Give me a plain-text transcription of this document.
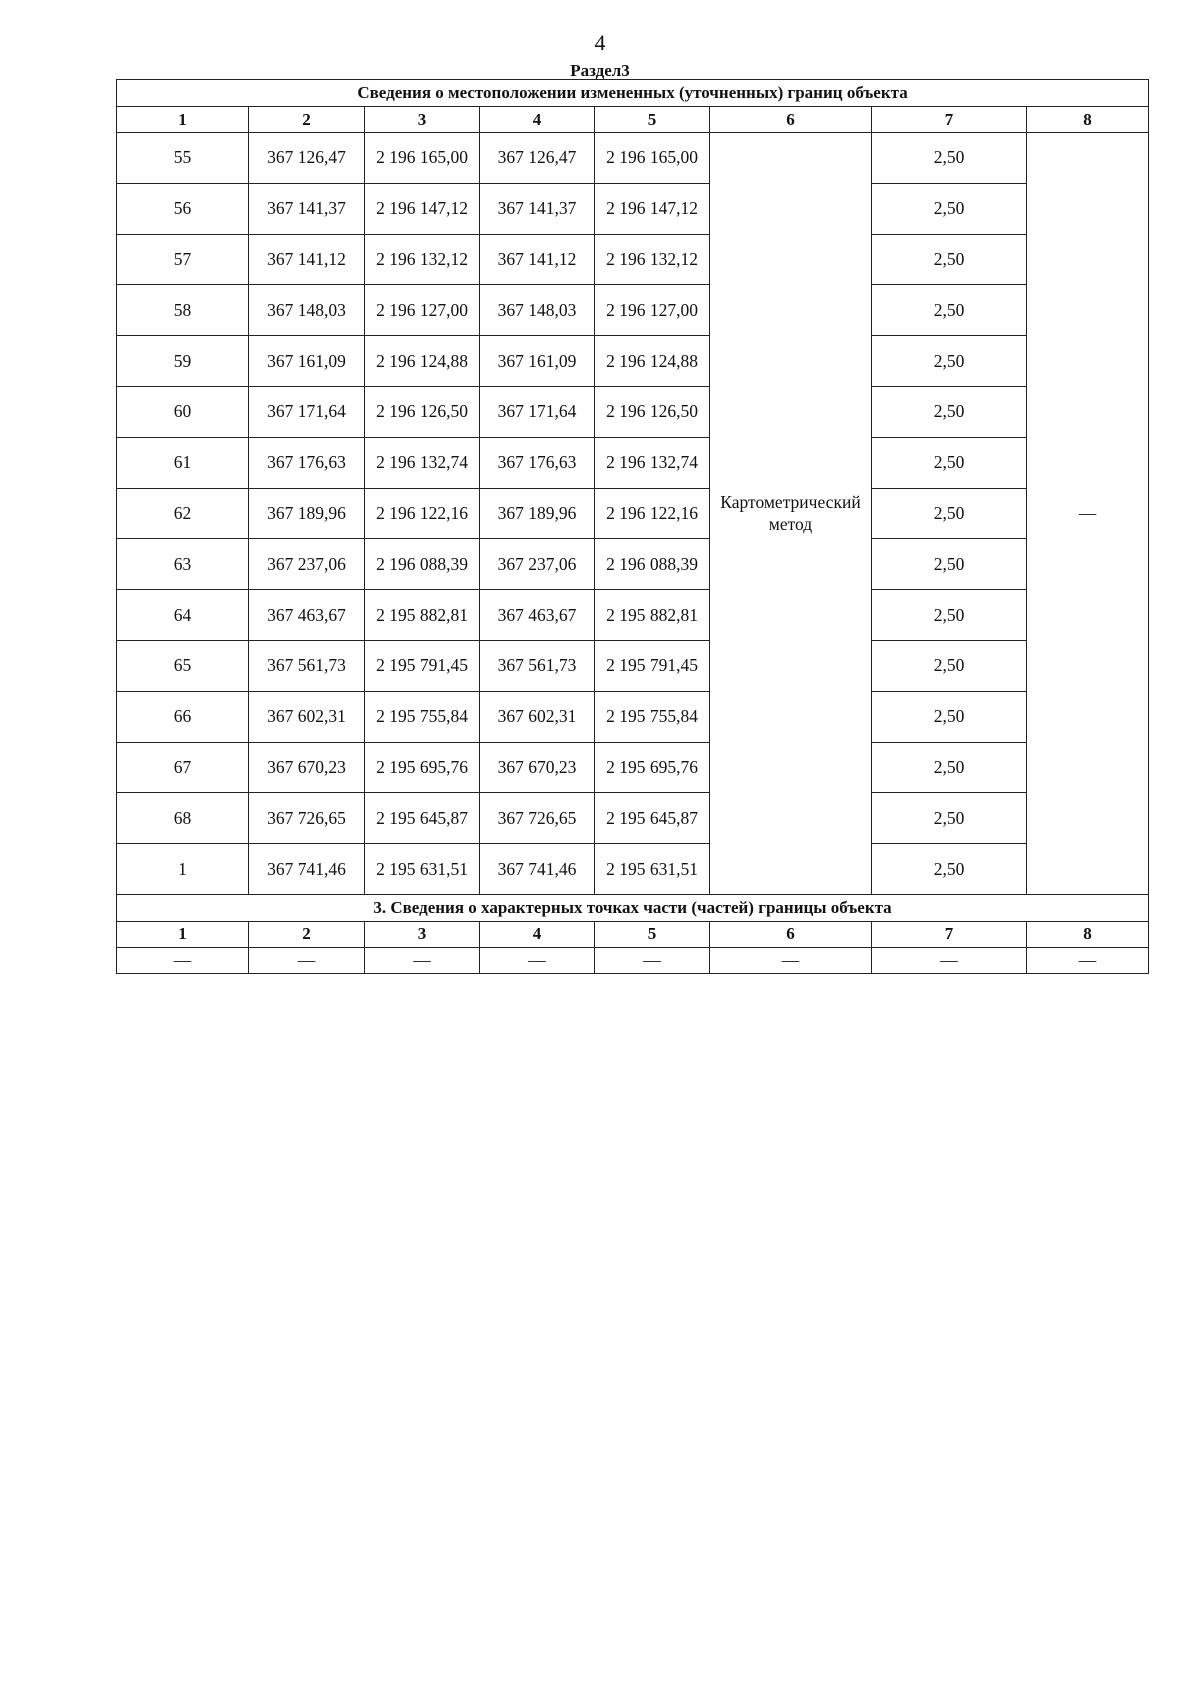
4
Раздел3
Сведения о местоположении измененных (уточненных) границ объекта							
1	2	3	4	5	6	7	8
55	367 126,47	2 196 165,00	367 126,47	2 196 165,00	Картометрический метод	2,50	—
56	367 141,37	2 196 147,12	367 141,37	2 196 147,12		2,50	
57	367 141,12	2 196 132,12	367 141,12	2 196 132,12		2,50	
58	367 148,03	2 196 127,00	367 148,03	2 196 127,00		2,50	
59	367 161,09	2 196 124,88	367 161,09	2 196 124,88		2,50	
60	367 171,64	2 196 126,50	367 171,64	2 196 126,50		2,50	
61	367 176,63	2 196 132,74	367 176,63	2 196 132,74		2,50	
62	367 189,96	2 196 122,16	367 189,96	2 196 122,16		2,50	
63	367 237,06	2 196 088,39	367 237,06	2 196 088,39		2,50	
64	367 463,67	2 195 882,81	367 463,67	2 195 882,81		2,50	
65	367 561,73	2 195 791,45	367 561,73	2 195 791,45		2,50	
66	367 602,31	2 195 755,84	367 602,31	2 195 755,84		2,50	
67	367 670,23	2 195 695,76	367 670,23	2 195 695,76		2,50	
68	367 726,65	2 195 645,87	367 726,65	2 195 645,87		2,50	
1	367 741,46	2 195 631,51	367 741,46	2 195 631,51		2,50	
3. Сведения о характерных точках части (частей) границы объекта							
1	2	3	4	5	6	7	8
—	—	—	—	—	—	—	—
